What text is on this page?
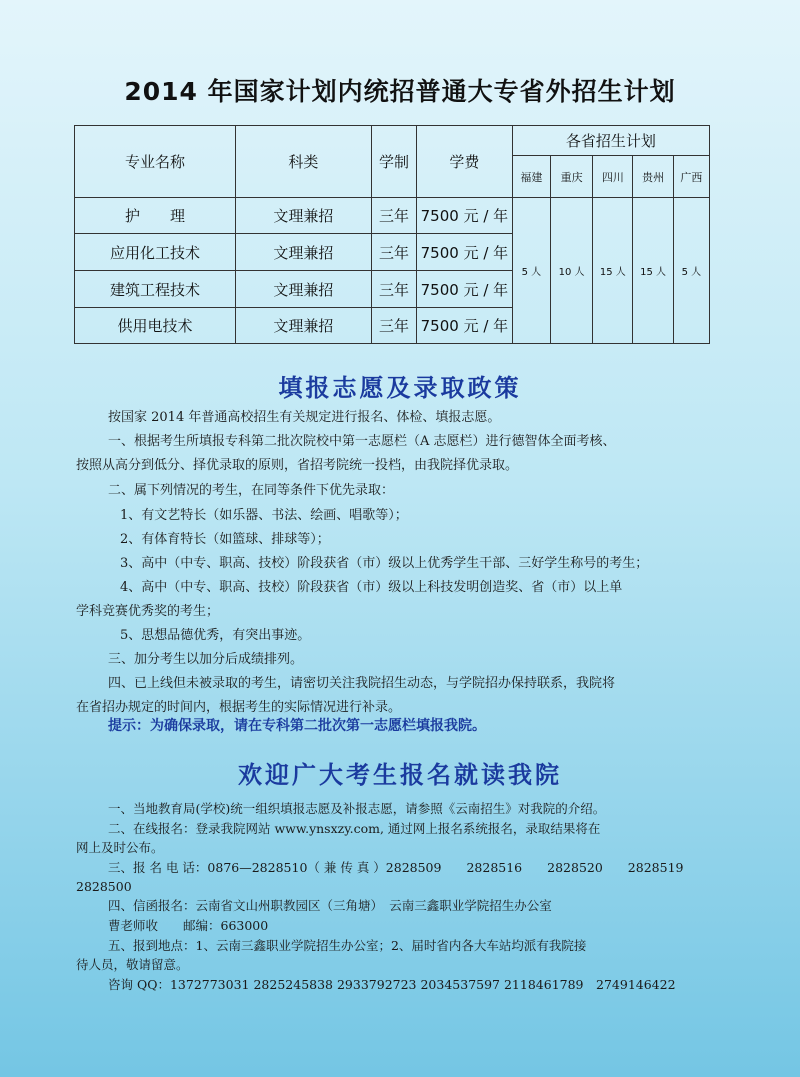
2014 年国家计划内统招普通大专省外招生计划
专业名称	科类	学制	学费	各省招生计划				
				福建	重庆	四川	贵州	广西
护　　理	文理兼招	三年	7500 元 / 年	5 人	10 人	15 人	15 人	5 人
应用化工技术	文理兼招	三年	7500 元 / 年					
建筑工程技术	文理兼招	三年	7500 元 / 年					
供用电技术	文理兼招	三年	7500 元 / 年					
填报志愿及录取政策
按国家 2014 年普通高校招生有关规定进行报名、体检、填报志愿。
一、根据考生所填报专科第二批次院校中第一志愿栏（A 志愿栏）进行德智体全面考核、
按照从高分到低分、择优录取的原则，省招考院统一投档，由我院择优录取。
二、属下列情况的考生，在同等条件下优先录取：
1、有文艺特长（如乐器、书法、绘画、唱歌等）；
2、有体育特长（如篮球、排球等）；
3、高中（中专、职高、技校）阶段获省（市）级以上优秀学生干部、三好学生称号的考生；
4、高中（中专、职高、技校）阶段获省（市）级以上科技发明创造奖、省（市）以上单
学科竞赛优秀奖的考生；
5、思想品德优秀，有突出事迹。
三、加分考生以加分后成绩排列。
四、已上线但未被录取的考生，请密切关注我院招生动态，与学院招办保持联系，我院将
在省招办规定的时间内，根据考生的实际情况进行补录。
提示：为确保录取，请在专科第二批次第一志愿栏填报我院。
欢迎广大考生报名就读我院
一、当地教育局(学校)统一组织填报志愿及补报志愿，请参照《云南招生》对我院的介绍。
二、在线报名：登录我院网站 www.ynsxzy.com, 通过网上报名系统报名，录取结果将在
网上及时公布。
三、报 名 电 话：0876—2828510（ 兼 传 真 ）2828509　　2828516　　2828520　　2828519
2828500
四、信函报名：云南省文山州职教园区（三角塘）　云南三鑫职业学院招生办公室
曹老师收　　邮编：663000
五、报到地点：1、云南三鑫职业学院招生办公室；2、届时省内各大车站均派有我院接
待人员，敬请留意。
咨询 QQ：1372773031 2825245838 2933792723 2034537597 2118461789　2749146422
